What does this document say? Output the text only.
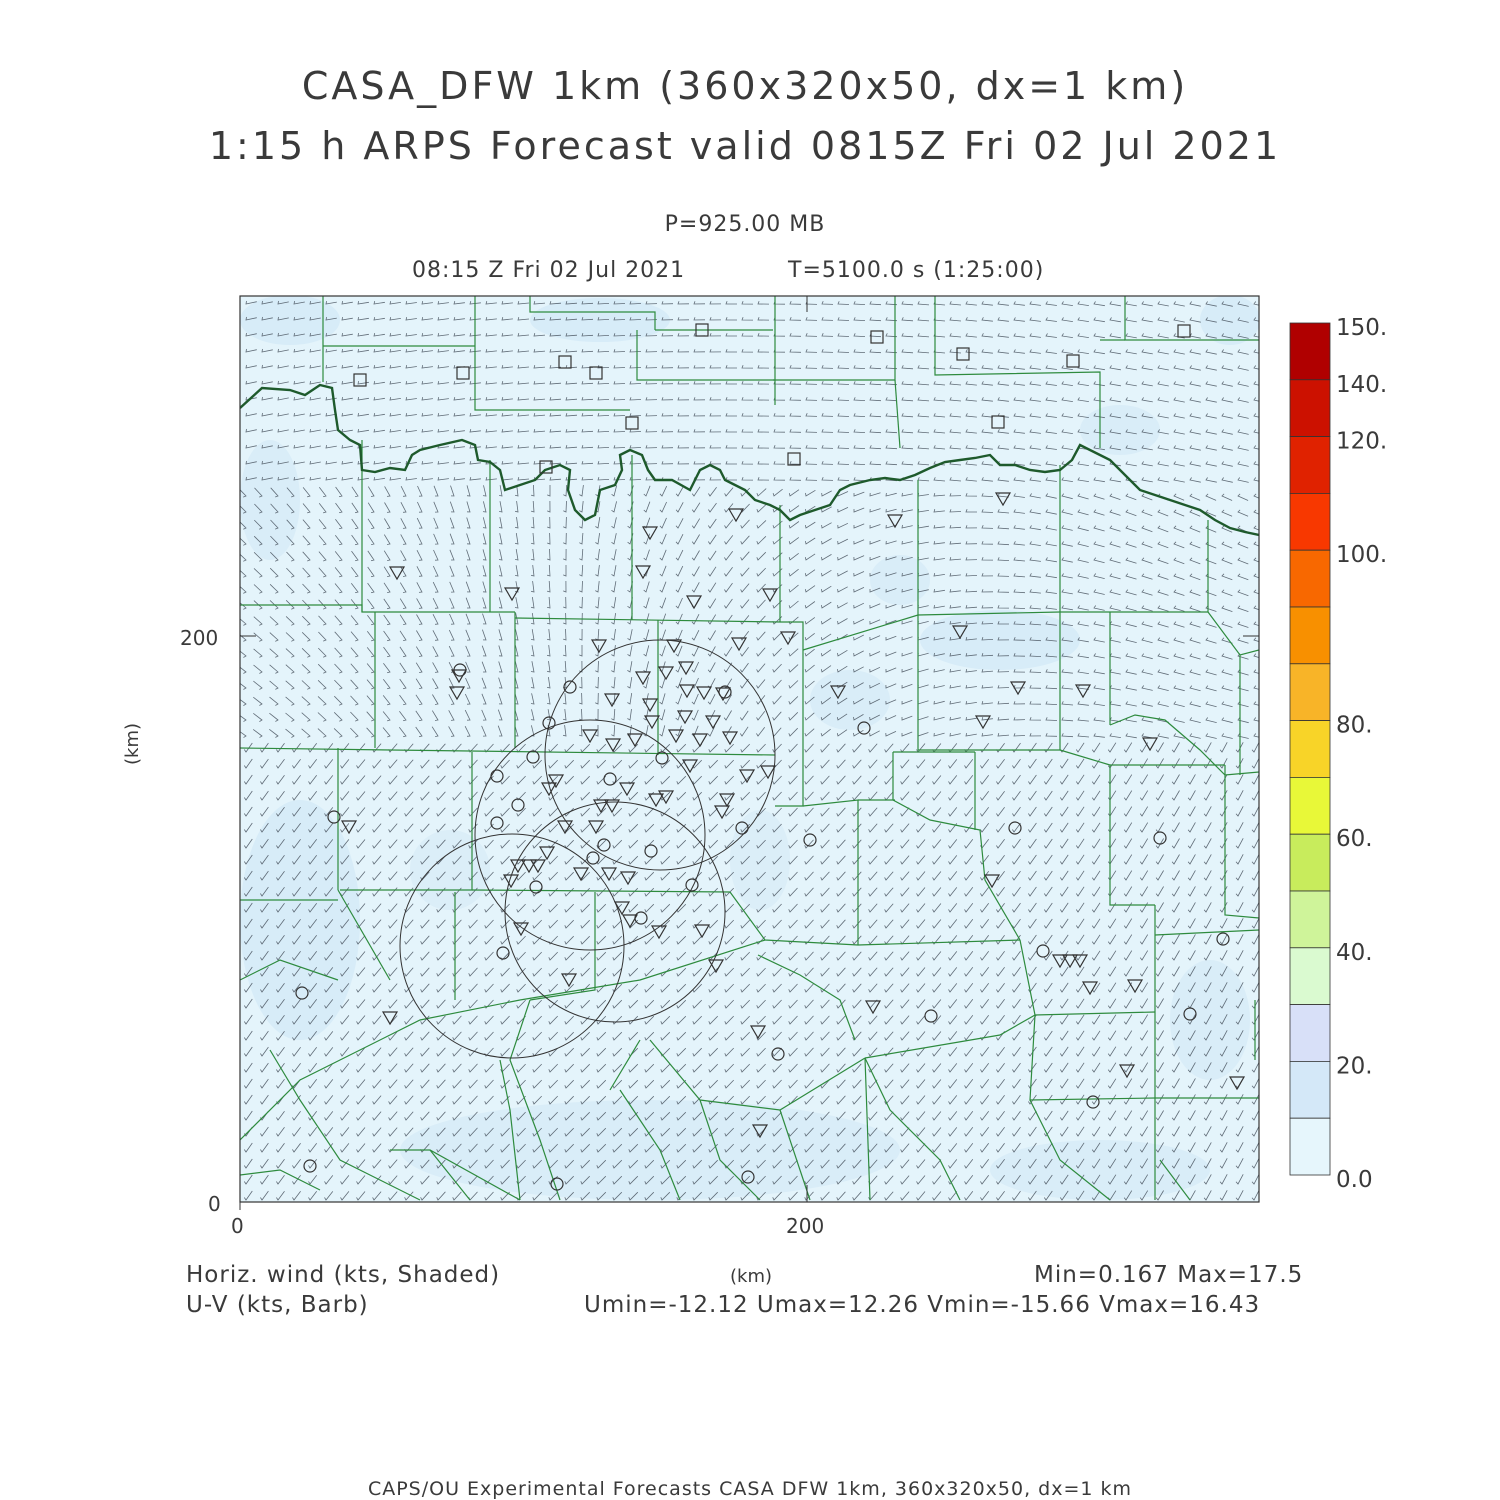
CASA_DFW 1km (360x320x50, dx=1 km)
1:15 h ARPS Forecast valid 0815Z Fri 02 Jul 2021
P=925.00 MB
08:15 Z Fri 02 Jul 2021	T=5100.0 s (1:25:00)
200
0
0	200
(km)
(km)
150.
140.
120.
100.
80.
60.
40.
20.
0.0
Horiz. wind (kts, Shaded)
U-V (kts, Barb)
Min=0.167 Max=17.5
Umin=-12.12 Umax=12.26 Vmin=-15.66 Vmax=16.43
CAPS/OU Experimental Forecasts CASA DFW 1km, 360x320x50, dx=1 km
